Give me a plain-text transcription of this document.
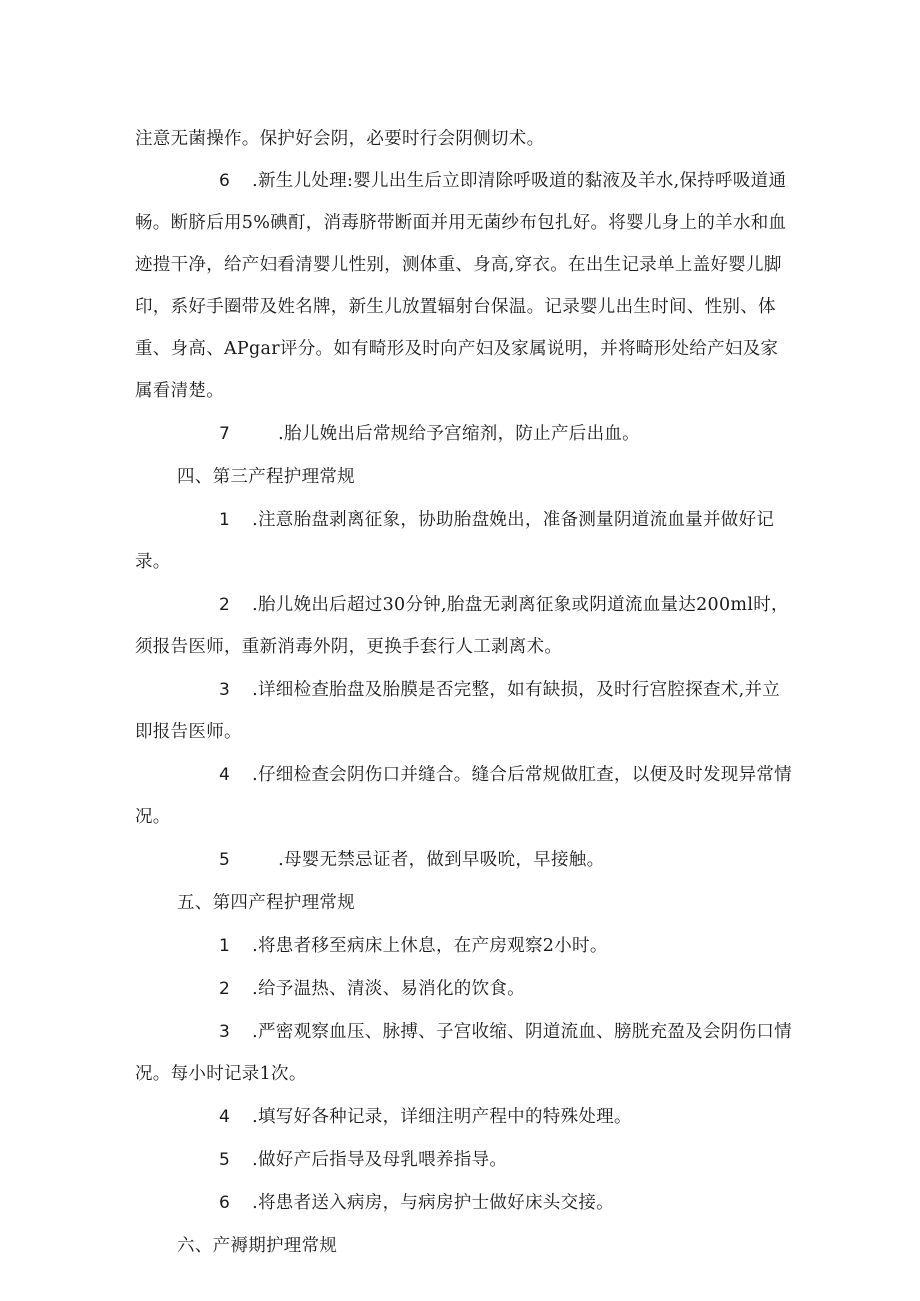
注意无菌操作。保护好会阴，必要时行会阴侧切术。

6 .新生儿处理:婴儿出生后立即清除呼吸道的黏液及羊水,保持呼吸道通畅。断脐后用5%碘酊，消毒脐带断面并用无菌纱布包扎好。将婴儿身上的羊水和血迹㨟干净，给产妇看清婴儿性别，测体重、身高,穿衣。在出生记录单上盖好婴儿脚印，系好手圈带及姓名牌，新生儿放置辐射台保温。记录婴儿出生时间、性别、体重、身高、APgar评分。如有畸形及时向产妇及家属说明，并将畸形处给产妇及家属看清楚。

7	.胎儿娩出后常规给予宫缩剂，防止产后出血。

四、第三产程护理常规

1 .注意胎盘剥离征象，协助胎盘娩出，准备测量阴道流血量并做好记录。

2 .胎儿娩出后超过30分钟,胎盘无剥离征象或阴道流血量达200ml时，须报告医师，重新消毒外阴，更换手套行人工剥离术。

3 .详细检查胎盘及胎膜是否完整，如有缺损，及时行宫腔探查术,并立即报告医师。

4 .仔细检查会阴伤口并缝合。缝合后常规做肛查，以便及时发现异常情况。

5	.母婴无禁忌证者，做到早吸吮，早接触。

五、第四产程护理常规

1 .将患者移至病床上休息，在产房观察2小时。

2 .给予温热、清淡、易消化的饮食。

3 .严密观察血压、脉搏、子宫收缩、阴道流血、膀胱充盈及会阴伤口情况。每小时记录1次。

4 .填写好各种记录，详细注明产程中的特殊处理。

5 .做好产后指导及母乳喂养指导。

6 .将患者送入病房，与病房护士做好床头交接。

六、产褥期护理常规
